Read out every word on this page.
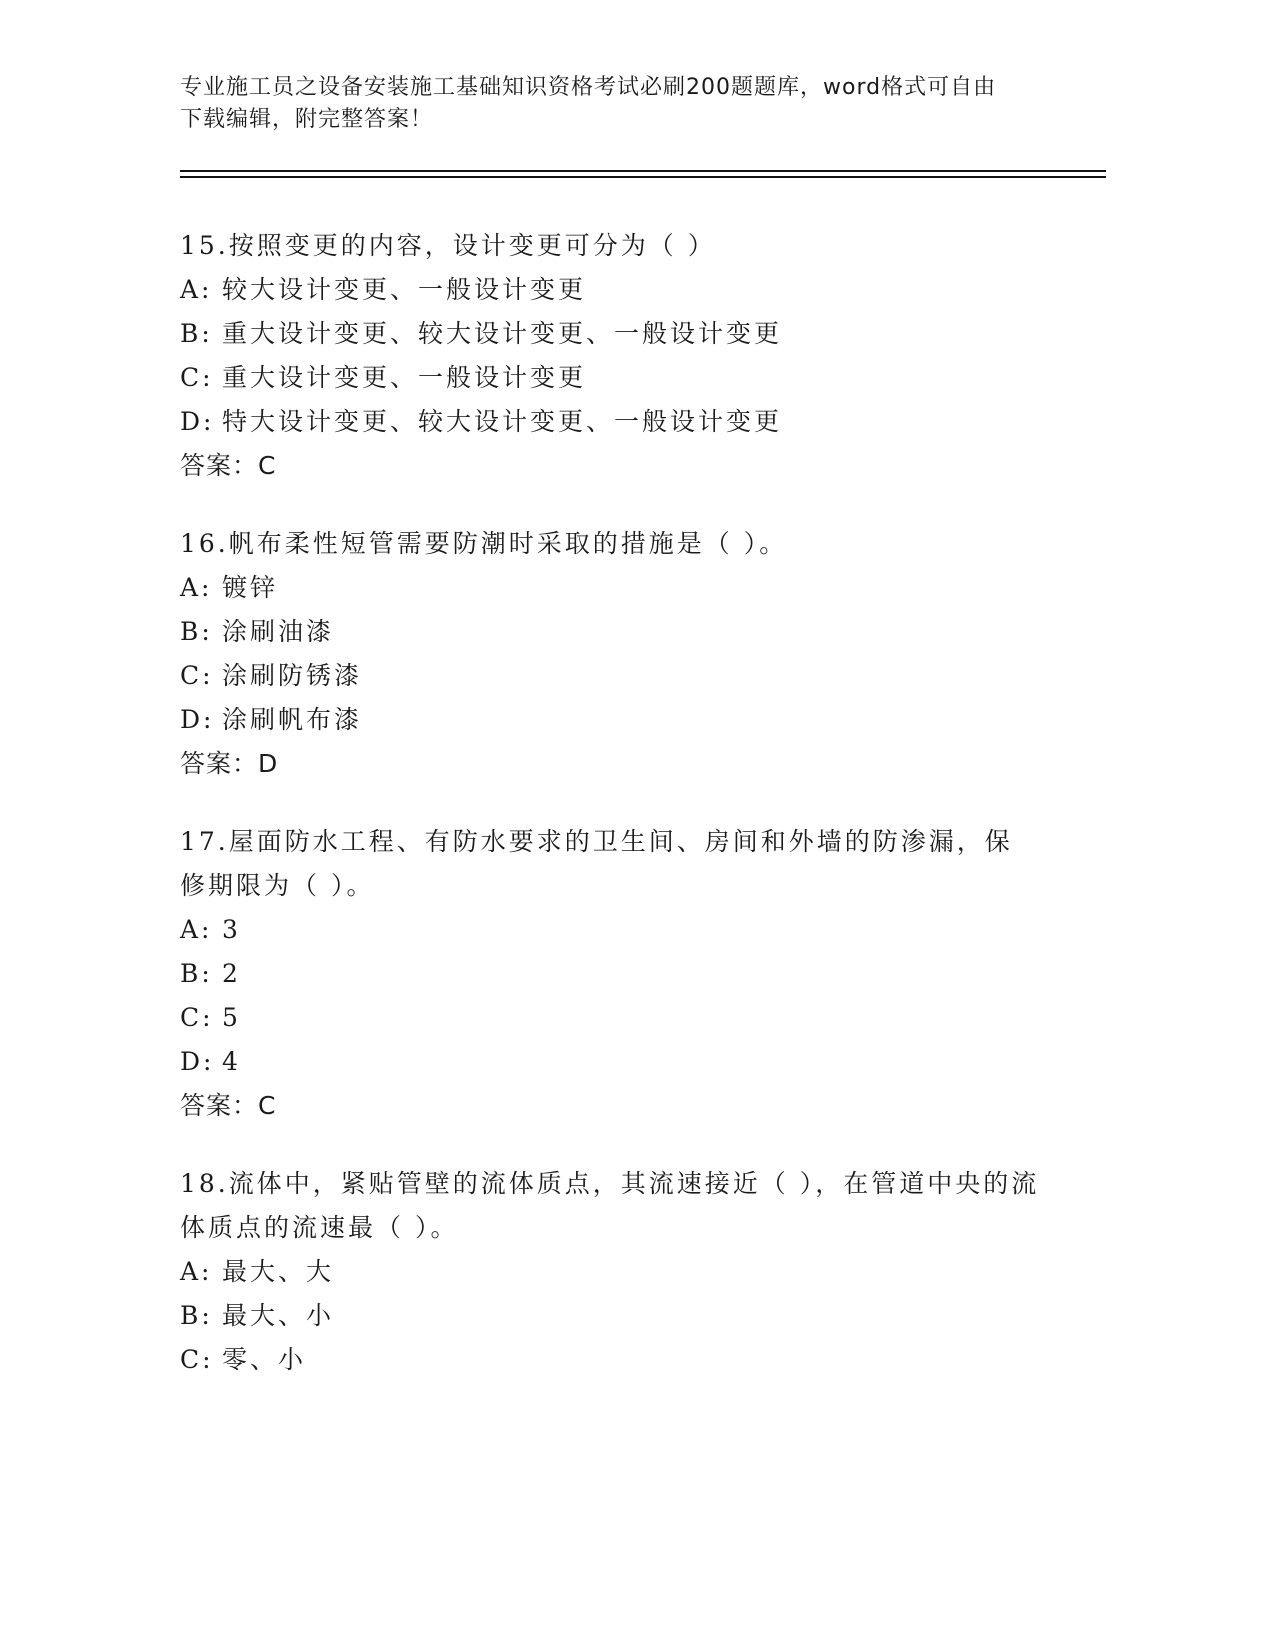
专业施工员之设备安装施工基础知识资格考试必刷200题题库，word格式可自由
下载编辑，附完整答案！
15.按照变更的内容，设计变更可分为（ ）
A: 较大设计变更、一般设计变更
B: 重大设计变更、较大设计变更、一般设计变更
C: 重大设计变更、一般设计变更
D: 特大设计变更、较大设计变更、一般设计变更
答案：C
16.帆布柔性短管需要防潮时采取的措施是（ ）。
A: 镀锌
B: 涂刷油漆
C: 涂刷防锈漆
D: 涂刷帆布漆
答案：D
17.屋面防水工程、有防水要求的卫生间、房间和外墙的防渗漏，保修期限为（ ）。
A: 3
B: 2
C: 5
D: 4
答案：C
18.流体中，紧贴管壁的流体质点，其流速接近（ ），在管道中央的流体质点的流速最（ ）。
A: 最大、大
B: 最大、小
C: 零、小
